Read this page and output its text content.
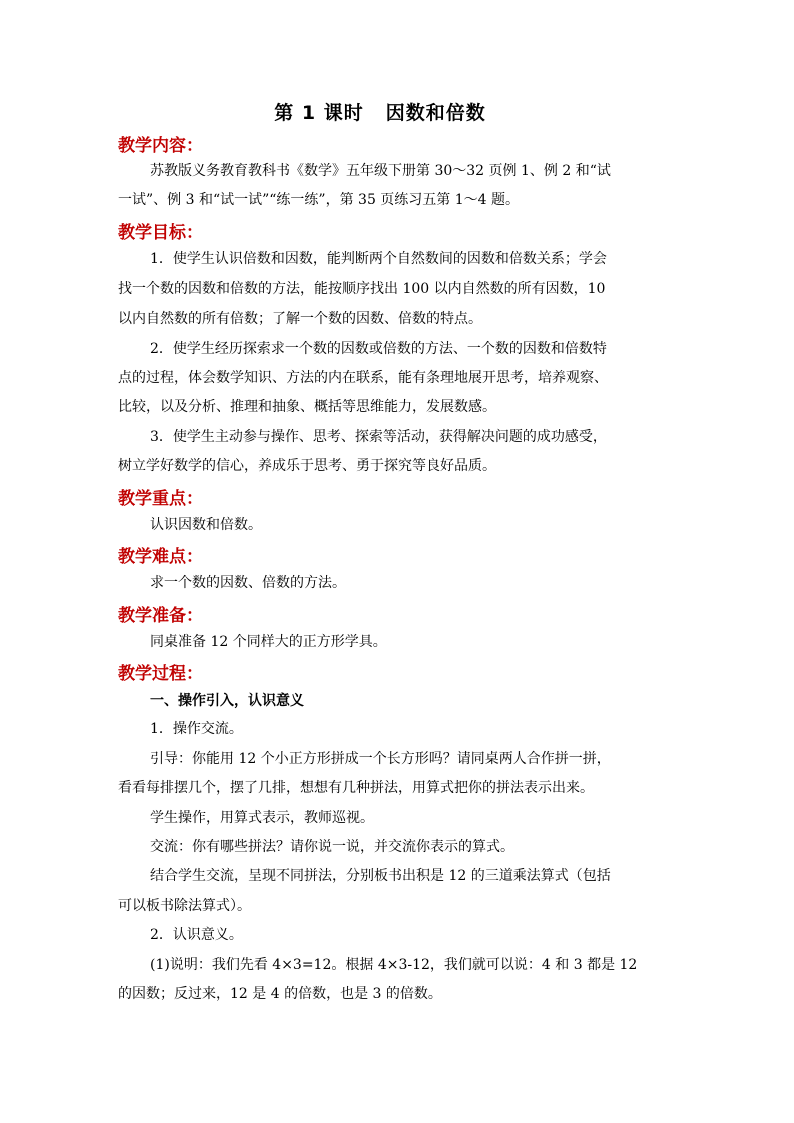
第 1 课时 因数和倍数
教学内容：
苏教版义务教育教科书《数学》五年级下册第 30～32 页例 1、例 2 和“试
一试”、例 3 和“试一试”“练一练”，第 35 页练习五第 1～4 题。
教学目标：
1．使学生认识倍数和因数，能判断两个自然数间的因数和倍数关系；学会
找一个数的因数和倍数的方法，能按顺序找出 100 以内自然数的所有因数，10
以内自然数的所有倍数；了解一个数的因数、倍数的特点。
2．使学生经历探索求一个数的因数或倍数的方法、一个数的因数和倍数特
点的过程，体会数学知识、方法的内在联系，能有条理地展开思考，培养观察、
比较，以及分析、推理和抽象、概括等思维能力，发展数感。
3．使学生主动参与操作、思考、探索等活动，获得解决问题的成功感受，
树立学好数学的信心，养成乐于思考、勇于探究等良好品质。
教学重点：
认识因数和倍数。
教学难点：
求一个数的因数、倍数的方法。
教学准备：
同桌准备 12 个同样大的正方形学具。
教学过程：
一、操作引入，认识意义
1．操作交流。
引导：你能用 12 个小正方形拼成一个长方形吗？请同桌两人合作拼一拼，
看看每排摆几个，摆了几排，想想有几种拼法，用算式把你的拼法表示出来。
学生操作，用算式表示，教师巡视。
交流：你有哪些拼法？请你说一说，并交流你表示的算式。
结合学生交流，呈现不同拼法，分别板书出积是 12 的三道乘法算式（包括
可以板书除法算式）。
2．认识意义。
(1)说明：我们先看 4×3=12。根据 4×3-12，我们就可以说：4 和 3 都是 12
的因数；反过来，12 是 4 的倍数，也是 3 的倍数。
